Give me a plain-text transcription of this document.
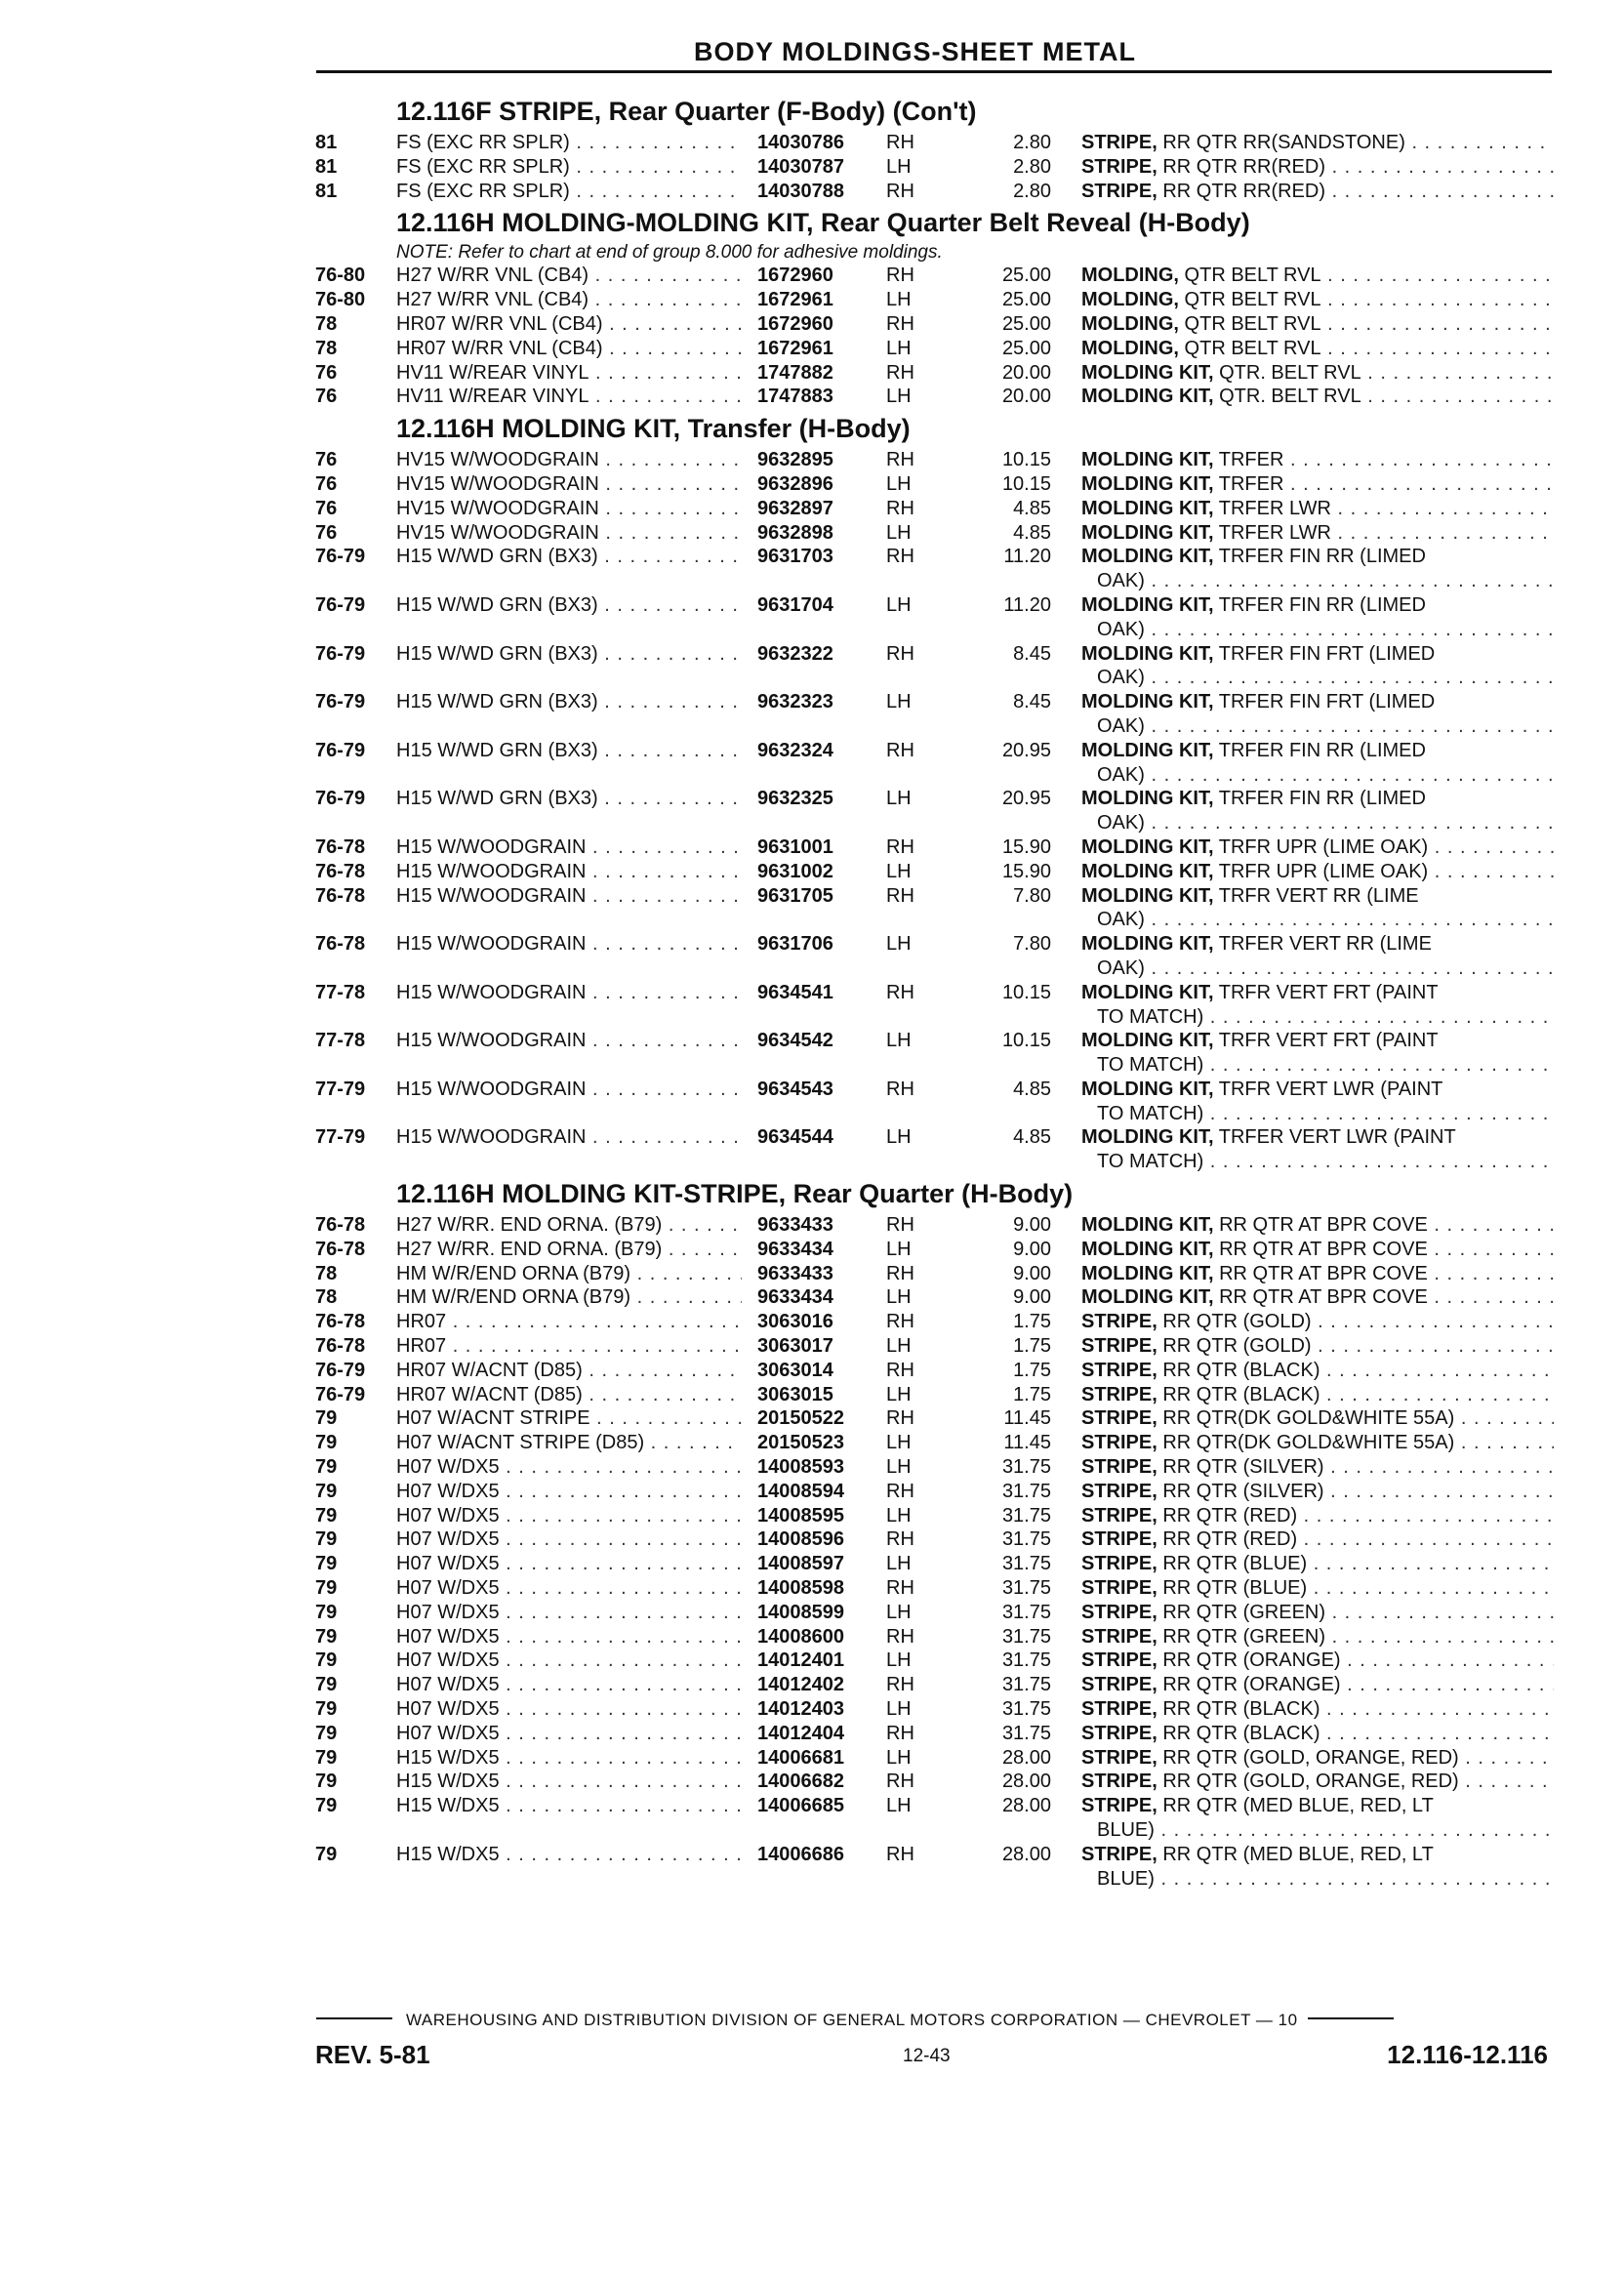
BODY MOLDINGS-SHEET METAL
12.116F STRIPE, Rear Quarter (F-Body) (Con't)
81	FS (EXC RR SPLR) . . .	14030786 RH	2.80 STRIPE, RR QTR RR(SANDSTONE) . . .
81	FS (EXC RR SPLR) . . .	14030787 LH	2.80 STRIPE, RR QTR RR(RED) . . .
81	FS (EXC RR SPLR) . . .	14030788 RH	2.80 STRIPE, RR QTR RR(RED) . . .
12.116H MOLDING-MOLDING KIT, Rear Quarter Belt Reveal (H-Body)
NOTE: Refer to chart at end of group 8.000 for adhesive moldings.
76-80 H27 W/RR VNL (CB4) . . .	1672960	RH	25.00 MOLDING, QTR BELT RVL . . .
76-80 H27 W/RR VNL (CB4) . . .	1672961	LH	25.00 MOLDING, QTR BELT RVL . . .
78	HR07 W/RR VNL (CB4) . . .	1672960	RH	25.00 MOLDING, QTR BELT RVL . . .
78	HR07 W/RR VNL (CB4) . . .	1672961	LH	25.00 MOLDING, QTR BELT RVL . . .
76	HV11 W/REAR VINYL . . .	1747882	RH	20.00 MOLDING KIT, QTR. BELT RVL . . .
76	HV11 W/REAR VINYL . . .	1747883	LH	20.00 MOLDING KIT, QTR. BELT RVL . . .
12.116H MOLDING KIT, Transfer (H-Body)
76	HV15 W/WOODGRAIN . . .	9632895	RH	10.15 MOLDING KIT, TRFER . . .
76	HV15 W/WOODGRAIN . . .	9632896	LH	10.15 MOLDING KIT, TRFER . . .
76	HV15 W/WOODGRAIN . . .	9632897	RH	4.85 MOLDING KIT, TRFER LWR . . .
76	HV15 W/WOODGRAIN . . .	9632898	LH	4.85 MOLDING KIT, TRFER LWR . . .
76-79 H15 W/WD GRN (BX3) . . .	9631703	RH	11.20 MOLDING KIT, TRFER FIN RR (LIMED
OAK) . . .
76-79 H15 W/WD GRN (BX3) . . .	9631704	LH	11.20 MOLDING KIT, TRFER FIN RR (LIMED
OAK) . . .
76-79 H15 W/WD GRN (BX3) . . .	9632322	RH	8.45 MOLDING KIT, TRFER FIN FRT (LIMED
OAK) . . .
76-79 H15 W/WD GRN (BX3) . . .	9632323	LH	8.45 MOLDING KIT, TRFER FIN FRT (LIMED
OAK) . . .
76-79 H15 W/WD GRN (BX3) . . .	9632324	RH	20.95 MOLDING KIT, TRFER FIN RR (LIMED
OAK) . . .
76-79 H15 W/WD GRN (BX3) . . .	9632325	LH	20.95 MOLDING KIT, TRFER FIN RR (LIMED
OAK) . . .
76-78 H15 W/WOODGRAIN . . .	9631001	RH	15.90 MOLDING KIT, TRFR UPR (LIME OAK) . . .
76-78 H15 W/WOODGRAIN . . .	9631002	LH	15.90 MOLDING KIT, TRFR UPR (LIME OAK) . . .
76-78 H15 W/WOODGRAIN . . .	9631705	RH	7.80 MOLDING KIT, TRFR VERT RR (LIME
OAK) . . .
76-78 H15 W/WOODGRAIN . . .	9631706	LH	7.80 MOLDING KIT, TRFER VERT RR (LIME
OAK) . . .
77-78 H15 W/WOODGRAIN . . .	9634541	RH	10.15 MOLDING KIT, TRFR VERT FRT (PAINT
TO MATCH) . . .
77-78 H15 W/WOODGRAIN . . .	9634542	LH	10.15 MOLDING KIT, TRFR VERT FRT (PAINT
TO MATCH) . . .
77-79 H15 W/WOODGRAIN . . .	9634543	RH	4.85 MOLDING KIT, TRFR VERT LWR (PAINT
TO MATCH) . . .
77-79 H15 W/WOODGRAIN . . .	9634544	LH	4.85 MOLDING KIT, TRFER VERT LWR (PAINT
TO MATCH) . . .
12.116H MOLDING KIT-STRIPE, Rear Quarter (H-Body)
76-78 H27 W/RR. END ORNA. (B79) . . .	9633433	RH	9.00 MOLDING KIT, RR QTR AT BPR COVE . . .
76-78 H27 W/RR. END ORNA. (B79) . . .	9633434	LH	9.00 MOLDING KIT, RR QTR AT BPR COVE . . .
78	HM W/R/END ORNA (B79) . . .	9633433	RH	9.00 MOLDING KIT, RR QTR AT BPR COVE . . .
78	HM W/R/END ORNA (B79) . . .	9633434	LH	9.00 MOLDING KIT, RR QTR AT BPR COVE . . .
76-78 HR07 . . .	3063016	RH	1.75 STRIPE, RR QTR (GOLD) . . .
76-78 HR07 . . .	3063017	LH	1.75 STRIPE, RR QTR (GOLD) . . .
76-79 HR07 W/ACNT (D85) . . .	3063014	RH	1.75 STRIPE, RR QTR (BLACK) . . .
76-79 HR07 W/ACNT (D85) . . .	3063015	LH	1.75 STRIPE, RR QTR (BLACK) . . .
79	H07 W/ACNT STRIPE . . .	20150522 RH	11.45 STRIPE, RR QTR(DK GOLD&WHITE 55A) . . .
79	H07 W/ACNT STRIPE (D85) . . .	20150523 LH	11.45 STRIPE, RR QTR(DK GOLD&WHITE 55A) . . .
79	H07 W/DX5 . . .	14008593 LH	31.75 STRIPE, RR QTR (SILVER) . . .
79	H07 W/DX5 . . .	14008594 RH	31.75 STRIPE, RR QTR (SILVER) . . .
79	H07 W/DX5 . . .	14008595 LH	31.75 STRIPE, RR QTR (RED) . . .
79	H07 W/DX5 . . .	14008596 RH	31.75 STRIPE, RR QTR (RED) . . .
79	H07 W/DX5 . . .	14008597 LH	31.75 STRIPE, RR QTR (BLUE) . . .
79	H07 W/DX5 . . .	14008598 RH	31.75 STRIPE, RR QTR (BLUE) . . .
79	H07 W/DX5 . . .	14008599 LH	31.75 STRIPE, RR QTR (GREEN) . . .
79	H07 W/DX5 . . .	14008600 RH	31.75 STRIPE, RR QTR (GREEN) . . .
79	H07 W/DX5 . . .	14012401 LH	31.75 STRIPE, RR QTR (ORANGE) . . .
79	H07 W/DX5 . . .	14012402 RH	31.75 STRIPE, RR QTR (ORANGE) . . .
79	H07 W/DX5 . . .	14012403 LH	31.75 STRIPE, RR QTR (BLACK) . . .
79	H07 W/DX5 . . .	14012404 RH	31.75 STRIPE, RR QTR (BLACK) . . .
79	H15 W/DX5 . . .	14006681 LH	28.00 STRIPE, RR QTR (GOLD, ORANGE, RED) . . .
79	H15 W/DX5 . . .	14006682 RH	28.00 STRIPE, RR QTR (GOLD, ORANGE, RED) . . .
79	H15 W/DX5 . . .	14006685 LH	28.00 STRIPE, RR QTR (MED BLUE, RED, LT
BLUE) . . .
79	H15 W/DX5 . . .	14006686 RH	28.00 STRIPE, RR QTR (MED BLUE, RED, LT
BLUE) . . .
WAREHOUSING AND DISTRIBUTION DIVISION OF GENERAL MOTORS CORPORATION — CHEVROLET — 10
REV. 5-81	12-43	12.116-12.116
